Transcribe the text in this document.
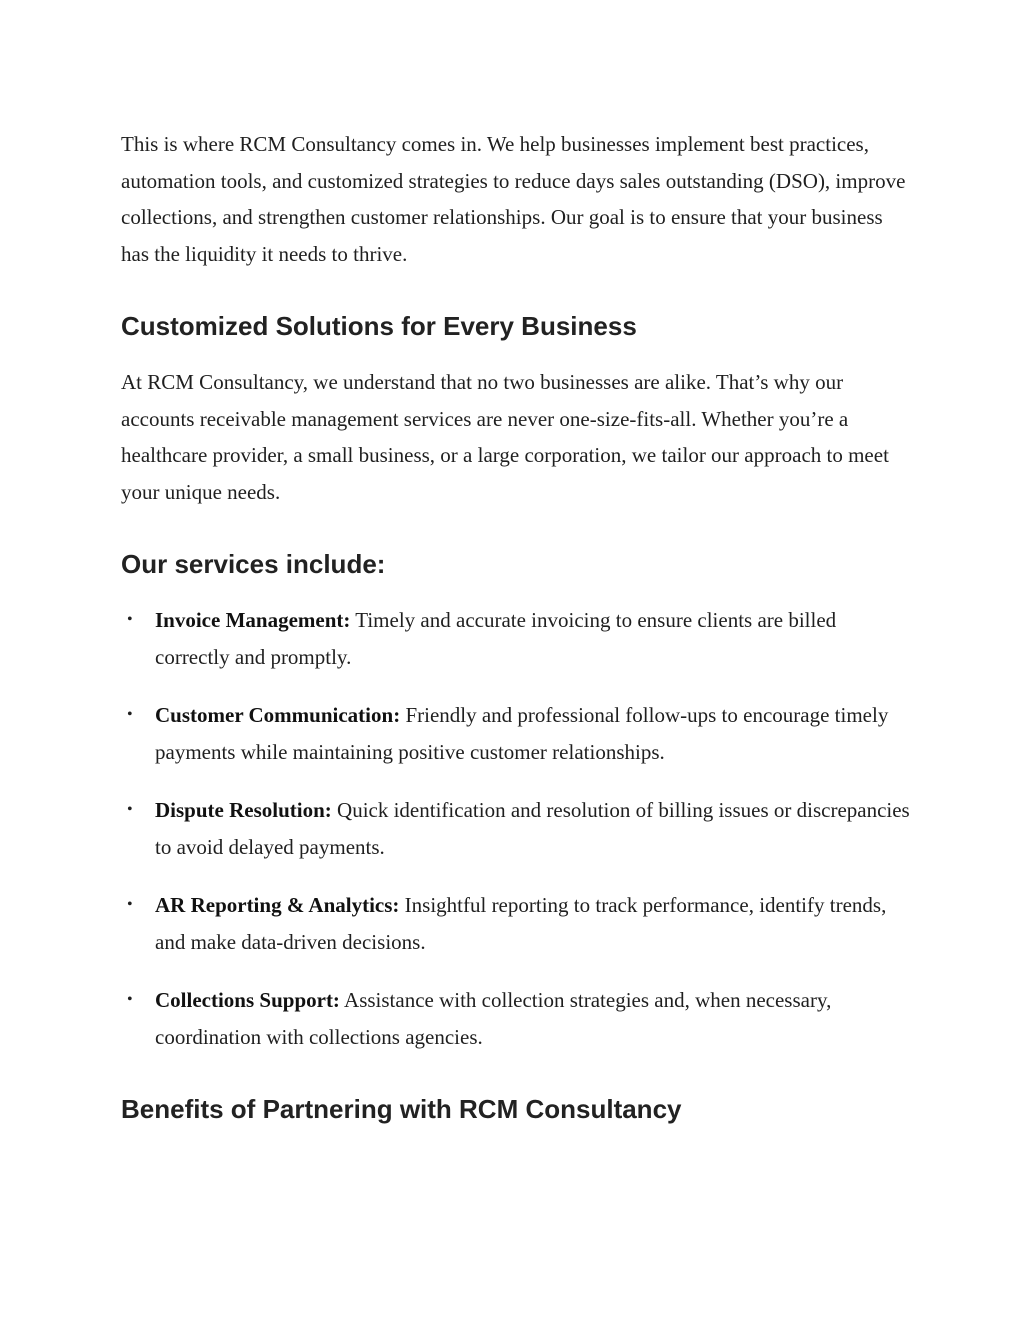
This is where RCM Consultancy comes in. We help businesses implement best practices, automation tools, and customized strategies to reduce days sales outstanding (DSO), improve collections, and strengthen customer relationships. Our goal is to ensure that your business has the liquidity it needs to thrive.

Customized Solutions for Every Business

At RCM Consultancy, we understand that no two businesses are alike. That’s why our accounts receivable management services are never one-size-fits-all. Whether you’re a healthcare provider, a small business, or a large corporation, we tailor our approach to meet your unique needs.

Our services include:
• Invoice Management: Timely and accurate invoicing to ensure clients are billed correctly and promptly.
• Customer Communication: Friendly and professional follow-ups to encourage timely payments while maintaining positive customer relationships.
• Dispute Resolution: Quick identification and resolution of billing issues or discrepancies to avoid delayed payments.
• AR Reporting & Analytics: Insightful reporting to track performance, identify trends, and make data-driven decisions.
• Collections Support: Assistance with collection strategies and, when necessary, coordination with collections agencies.
Benefits of Partnering with RCM Consultancy
